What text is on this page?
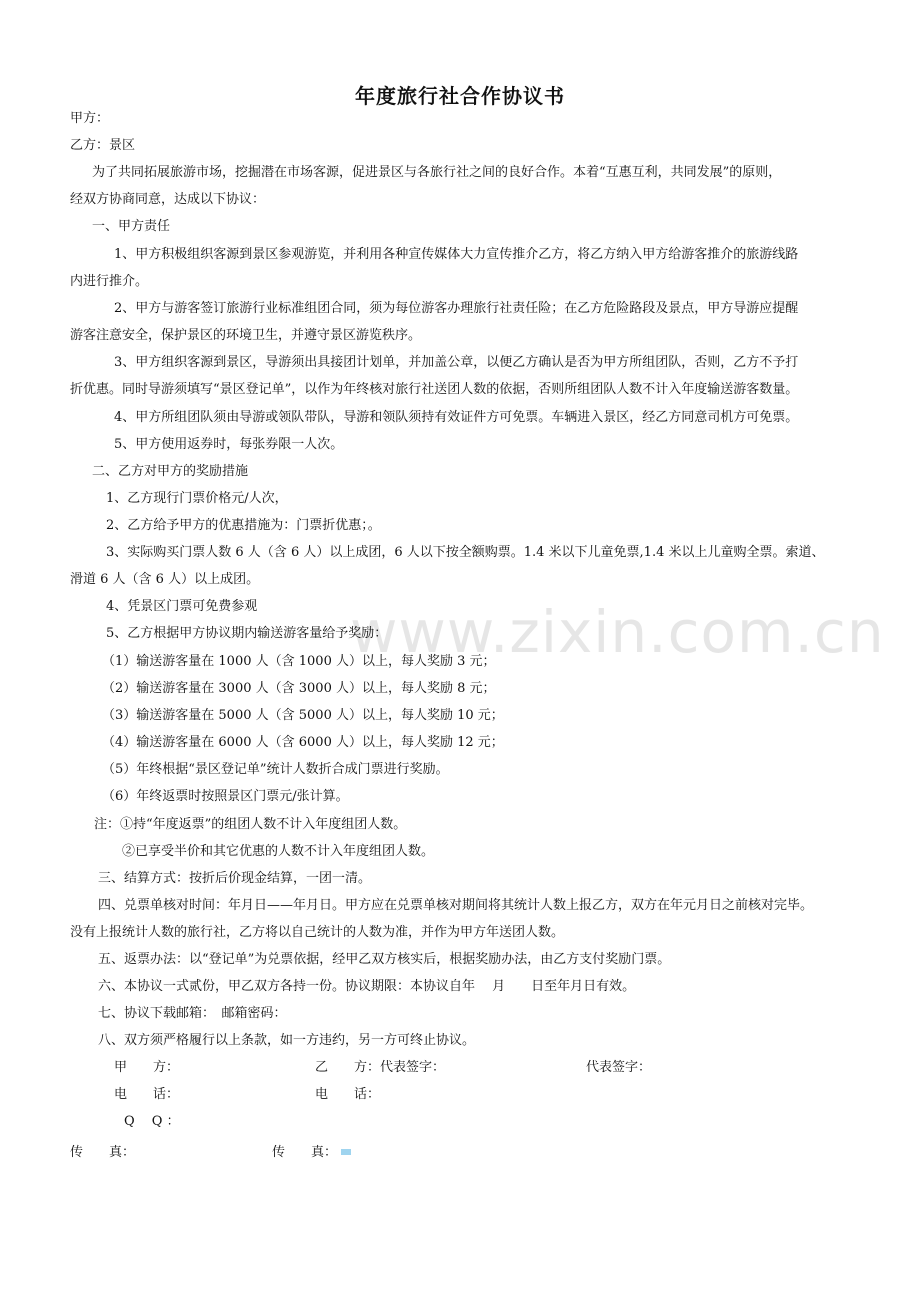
www.zixin.com.cn
年度旅行社合作协议书
甲方：
乙方：景区
为了共同拓展旅游市场，挖掘潜在市场客源，促进景区与各旅行社之间的良好合作。本着“互惠互利，共同发展”的原则，
经双方协商同意，达成以下协议：
一、甲方责任
1、甲方积极组织客源到景区参观游览，并利用各种宣传媒体大力宣传推介乙方，将乙方纳入甲方给游客推介的旅游线路
内进行推介。
2、甲方与游客签订旅游行业标准组团合同，须为每位游客办理旅行社责任险；在乙方危险路段及景点，甲方导游应提醒
游客注意安全，保护景区的环境卫生，并遵守景区游览秩序。
3、甲方组织客源到景区，导游须出具接团计划单，并加盖公章，以便乙方确认是否为甲方所组团队，否则，乙方不予打
折优惠。同时导游须填写“景区登记单”，以作为年终核对旅行社送团人数的依据，否则所组团队人数不计入年度输送游客数量。
4、甲方所组团队须由导游或领队带队，导游和领队须持有效证件方可免票。车辆进入景区，经乙方同意司机方可免票。
5、甲方使用返券时，每张券限一人次。
二、乙方对甲方的奖励措施
1、乙方现行门票价格元/人次，
2、乙方给予甲方的优惠措施为：门票折优惠；。
3、实际购买门票人数 6 人（含 6 人）以上成团，6 人以下按全额购票。1.4 米以下儿童免票,1.4 米以上儿童购全票。索道、
滑道 6 人（含 6 人）以上成团。
4、凭景区门票可免费参观
5、乙方根据甲方协议期内输送游客量给予奖励：
（1）输送游客量在 1000 人（含 1000 人）以上，每人奖励 3 元；
（2）输送游客量在 3000 人（含 3000 人）以上，每人奖励 8 元；
（3）输送游客量在 5000 人（含 5000 人）以上，每人奖励 10 元；
（4）输送游客量在 6000 人（含 6000 人）以上，每人奖励 12 元；
（5）年终根据“景区登记单”统计人数折合成门票进行奖励。
（6）年终返票时按照景区门票元/张计算。
注：①持“年度返票”的组团人数不计入年度组团人数。
②已享受半价和其它优惠的人数不计入年度组团人数。
三、结算方式：按折后价现金结算，一团一清。
四、兑票单核对时间：年月日——年月日。甲方应在兑票单核对期间将其统计人数上报乙方，双方在年元月日之前核对完毕。
没有上报统计人数的旅行社，乙方将以自己统计的人数为准，并作为甲方年送团人数。
五、返票办法：以“登记单”为兑票依据，经甲乙双方核实后，根据奖励办法，由乙方支付奖励门票。
六、本协议一式贰份，甲乙双方各持一份。协议期限：本协议自年　 月　　日至年月日有效。
七、协议下载邮箱：　邮箱密码：
八、双方须严格履行以上条款，如一方违约，另一方可终止协议。
甲　　方：	乙　　方：代表签字：	代表签字：
电　　话：	电　　话：
Q　 Q ：
传　　真：	传　　真：
